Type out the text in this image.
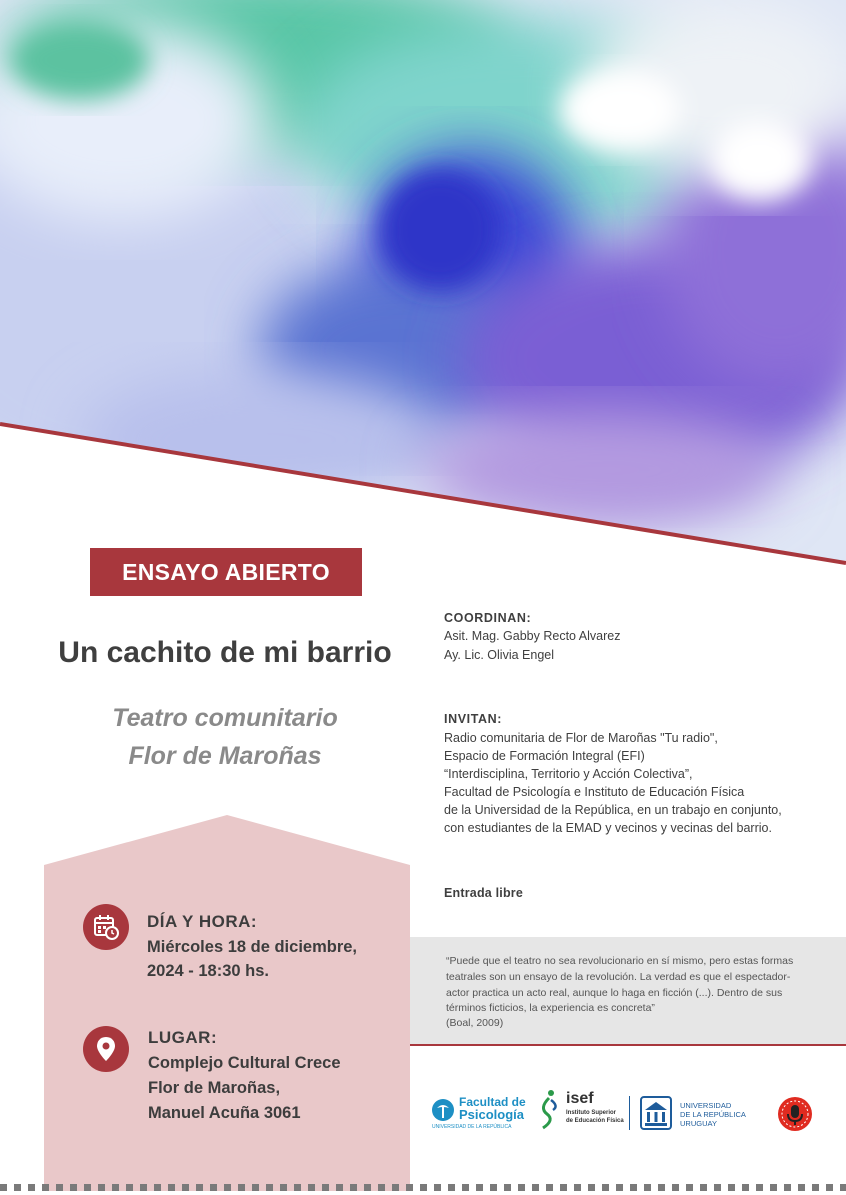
ENSAYO ABIERTO
Un cachito de mi barrio
Teatro comunitario
Flor de Maroñas
DÍA Y HORA:
Miércoles 18 de diciembre,
2024 - 18:30 hs.
LUGAR:
Complejo Cultural Crece
Flor de Maroñas,
Manuel Acuña 3061
COORDINAN:
Asit. Mag. Gabby Recto Alvarez
Ay. Lic. Olivia Engel
INVITAN:
Radio comunitaria de Flor de Maroñas "Tu radio",
Espacio de Formación Integral (EFI)
“Interdisciplina, Territorio y Acción Colectiva”,
Facultad de Psicología e Instituto de Educación Física
de la Universidad de la República, en un trabajo en conjunto,
con estudiantes de la EMAD y vecinos y vecinas del barrio.
Entrada libre
“Puede que el teatro no sea revolucionario en sí mismo, pero estas formas
teatrales son un ensayo de la revolución. La verdad es que el espectador-
actor practica un acto real, aunque lo haga en ficción (...). Dentro de sus
términos ficticios, la experiencia es concreta”
(Boal, 2009)
Facultad de
Psicología
UNIVERSIDAD DE LA REPÚBLICA
isef
Instituto Superior
de Educación Física
UNIVERSIDAD
DE LA REPÚBLICA
URUGUAY
